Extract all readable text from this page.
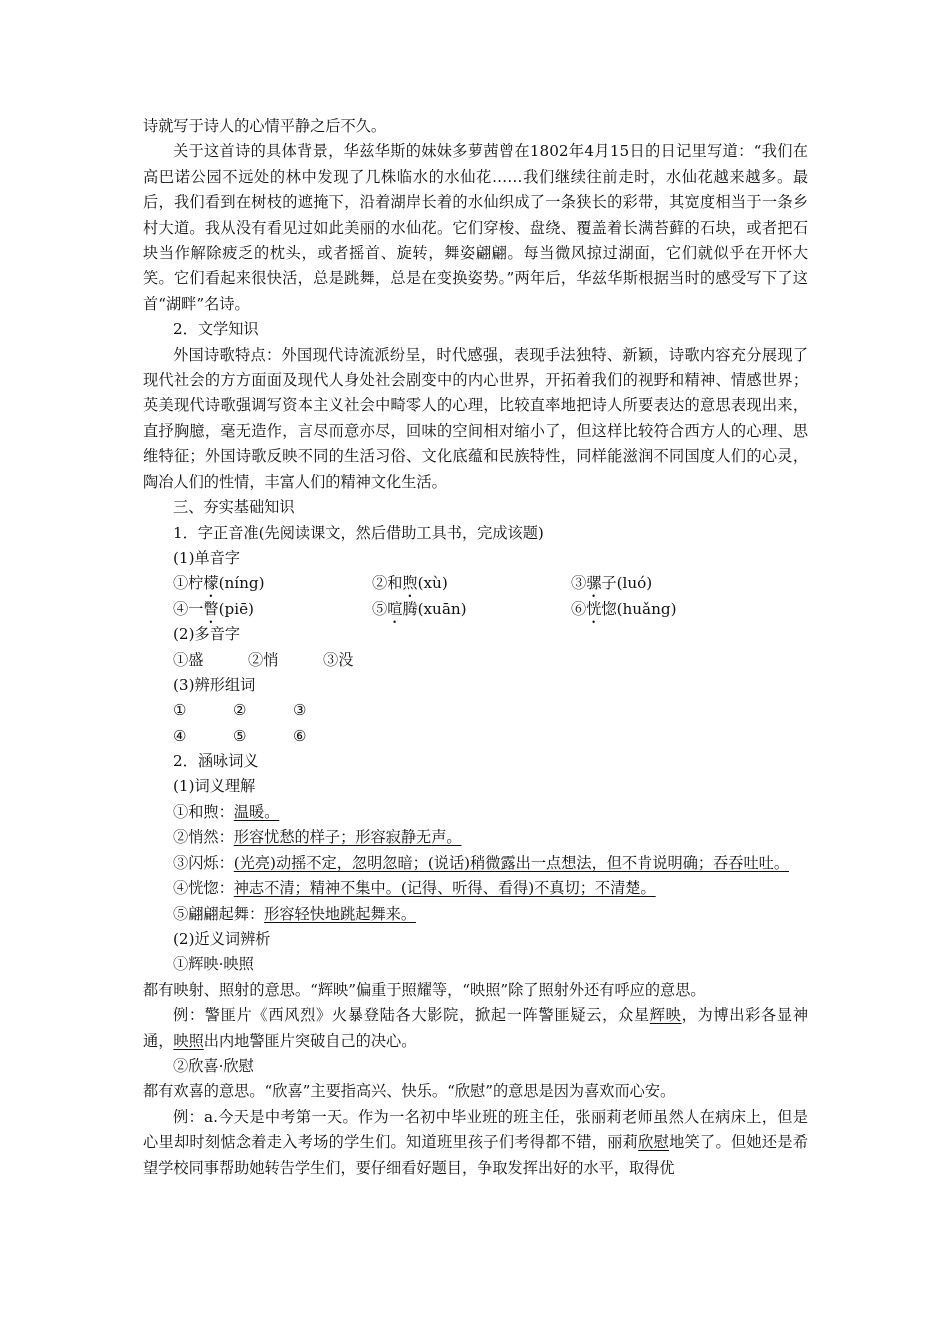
诗就写于诗人的心情平静之后不久。

关于这首诗的具体背景，华兹华斯的妹妹多萝茜曾在1802年4月15日的日记里写道：“我们在高巴诺公园不远处的林中发现了几株临水的水仙花……我们继续往前走时，水仙花越来越多。最后，我们看到在树枝的遮掩下，沿着湖岸长着的水仙织成了一条狭长的彩带，其宽度相当于一条乡村大道。我从没有看见过如此美丽的水仙花。它们穿梭、盘绕、覆盖着长满苔藓的石块，或者把石块当作解除疲乏的枕头，或者摇首、旋转，舞姿翩翩。每当微风掠过湖面，它们就似乎在开怀大笑。它们看起来很快活，总是跳舞，总是在变换姿势。”两年后，华兹华斯根据当时的感受写下了这首“湖畔”名诗。

2．文学知识

外国诗歌特点：外国现代诗流派纷呈，时代感强，表现手法独特、新颖，诗歌内容充分展现了现代社会的方方面面及现代人身处社会剧变中的内心世界，开拓着我们的视野和精神、情感世界；英美现代诗歌强调写资本主义社会中畸零人的心理，比较直率地把诗人所要表达的意思表现出来，直抒胸臆，毫无造作，言尽而意亦尽，回味的空间相对缩小了，但这样比较符合西方人的心理、思维特征；外国诗歌反映不同的生活习俗、文化底蕴和民族特性，同样能滋润不同国度人们的心灵，陶冶人们的性情，丰富人们的精神文化生活。

三、夯实基础知识

1．字正音准(先阅读课文，然后借助工具书，完成该题)

(1)单音字

①柠檬(níng)	②和煦(xù)	③骡子(luó)
④一瞥(piē)	⑤喧腾(xuān)	⑥恍惚(huǎng)

(2)多音字

①盛	②悄	③没

(3)辨形组词

①	②	③
④	⑤	⑥

2．涵咏词义

(1)词义理解

①和煦：温暖。

②悄然：形容忧愁的样子；形容寂静无声。

③闪烁：(光亮)动摇不定，忽明忽暗；(说话)稍微露出一点想法，但不肯说明确；吞吞吐吐。

④恍惚：神志不清；精神不集中。(记得、听得、看得)不真切；不清楚。

⑤翩翩起舞：形容轻快地跳起舞来。

(2)近义词辨析

①辉映·映照

都有映射、照射的意思。“辉映”偏重于照耀等，“映照”除了照射外还有呼应的意思。

例：警匪片《西风烈》火暴登陆各大影院，掀起一阵警匪疑云，众星辉映，为博出彩各显神通，映照出内地警匪片突破自己的决心。

②欣喜·欣慰

都有欢喜的意思。“欣喜”主要指高兴、快乐。“欣慰”的意思是因为喜欢而心安。

例：a.今天是中考第一天。作为一名初中毕业班的班主任，张丽莉老师虽然人在病床上，但是心里却时刻惦念着走入考场的学生们。知道班里孩子们考得都不错，丽莉欣慰地笑了。但她还是希望学校同事帮助她转告学生们，要仔细看好题目，争取发挥出好的水平，取得优
